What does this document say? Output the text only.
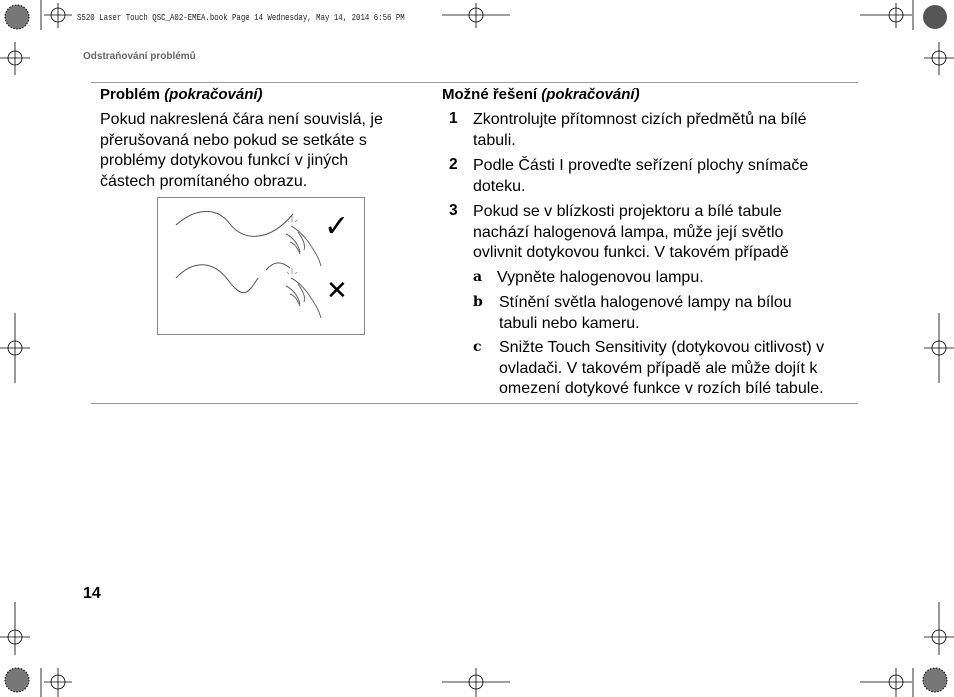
S520 Laser Touch QSC_A02-EMEA.book Page 14 Wednesday, May 14, 2014 6:56 PM
Odstraňování problémů
Problém (pokračování)	Možné řešení (pokračování)
Pokud nakreslená čára není souvislá, je
přerušovaná nebo pokud se setkáte s
problémy dotykovou funkcí v jiných
částech promítaného obrazu.
✓
✕
1 Zkontrolujte přítomnost cizích předmětů na bílé
tabuli.
2 Podle Části I proveďte seřízení plochy snímače
doteku.
3 Pokud se v blízkosti projektoru a bílé tabule
nachází halogenová lampa, může její světlo
ovlivnit dotykovou funkci. V takovém případě
a Vypněte halogenovou lampu.
b Stínění světla halogenové lampy na bílou
tabuli nebo kameru.
c Snižte Touch Sensitivity (dotykovou citlivost) v
ovladači. V takovém případě ale může dojít k
omezení dotykové funkce v rozích bílé tabule.
14
